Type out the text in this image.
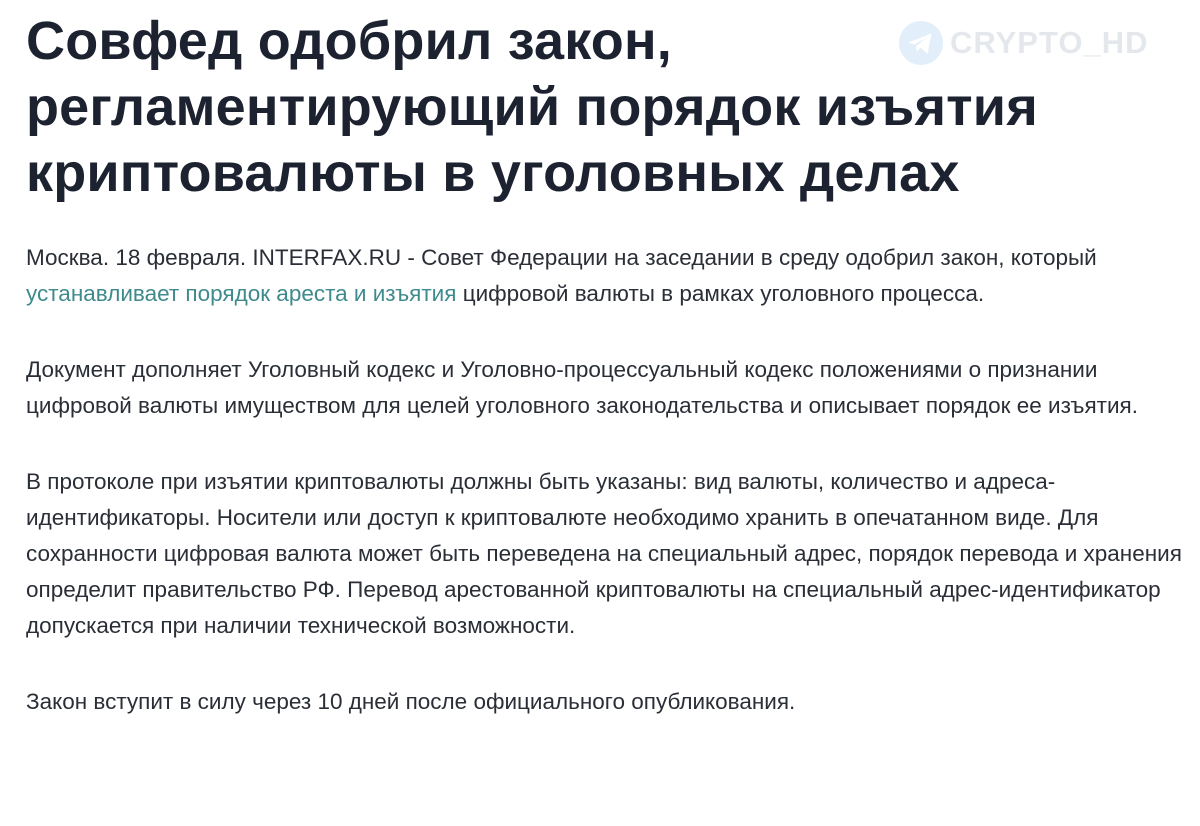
CRYPTO_HD
Совфед одобрил закон,
регламентирующий порядок изъятия
криптовалюты в уголовных делах

Москва. 18 февраля. INTERFAX.RU - Совет Федерации на заседании в среду одобрил закон, который устанавливает порядок ареста и изъятия цифровой валюты в рамках уголовного процесса.

Документ дополняет Уголовный кодекс и Уголовно-процессуальный кодекс положениями о признании цифровой валюты имуществом для целей уголовного законодательства и описывает порядок ее изъятия.

В протоколе при изъятии криптовалюты должны быть указаны: вид валюты, количество и адреса-идентификаторы. Носители или доступ к криптовалюте необходимо хранить в опечатанном виде. Для сохранности цифровая валюта может быть переведена на специальный адрес, порядок перевода и хранения определит правительство РФ. Перевод арестованной криптовалюты на специальный адрес-идентификатор допускается при наличии технической возможности.

Закон вступит в силу через 10 дней после официального опубликования.
